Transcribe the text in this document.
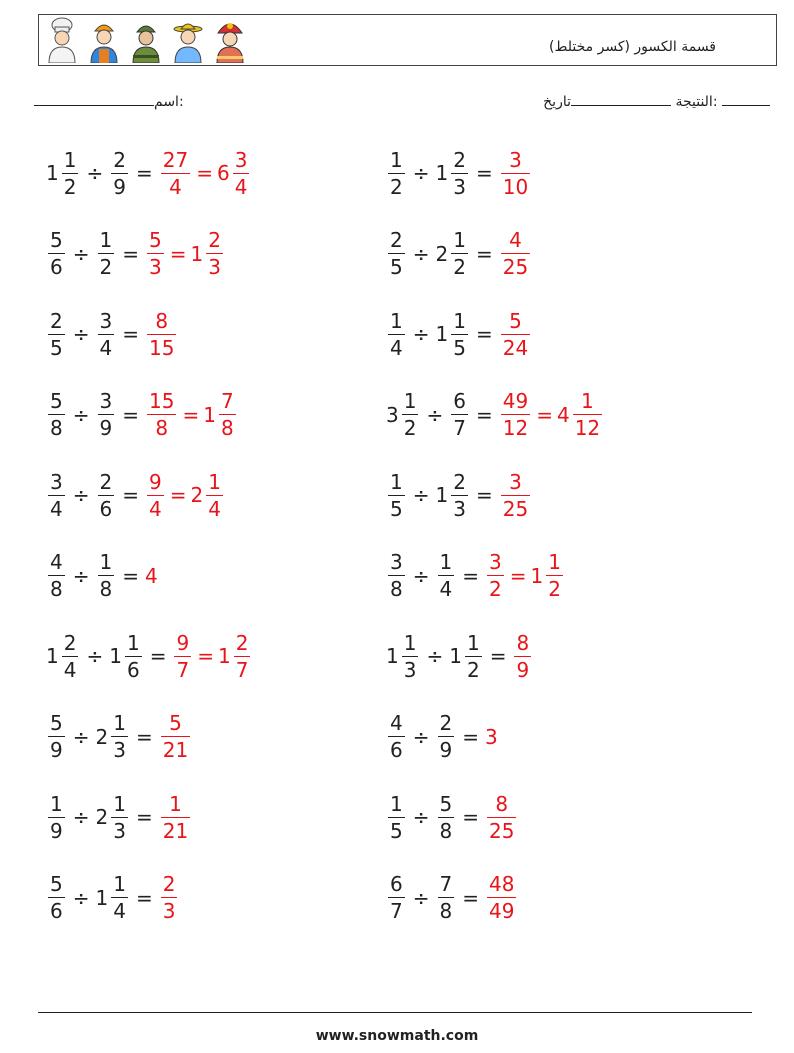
(قسمة الكسور (كسر مختلط
اسم:	النتيجة تاريخ:
$1 \frac{1}{2} \div \frac{2}{9} = \frac{27}{4} = 6 \frac{3}{4}$	$\frac{1}{2} \div 1 \frac{2}{3} = \frac{3}{10}$
$\frac{5}{6} \div \frac{1}{2} = \frac{5}{3} = 1 \frac{2}{3}$	$\frac{2}{5} \div 2 \frac{1}{2} = \frac{4}{25}$
$\frac{2}{5} \div \frac{3}{4} = \frac{8}{15}$	$\frac{1}{4} \div 1 \frac{1}{5} = \frac{5}{24}$
$\frac{5}{8} \div \frac{3}{9} = \frac{15}{8} = 1 \frac{7}{8}$	$3 \frac{1}{2} \div \frac{6}{7} = \frac{49}{12} = 4 \frac{1}{12}$
$\frac{3}{4} \div \frac{2}{6} = \frac{9}{4} = 2 \frac{1}{4}$	$\frac{1}{5} \div 1 \frac{2}{3} = \frac{3}{25}$
$\frac{4}{8} \div \frac{1}{8} = 4$	$\frac{3}{8} \div \frac{1}{4} = \frac{3}{2} = 1 \frac{1}{2}$
$1 \frac{2}{4} \div 1 \frac{1}{6} = \frac{9}{7} = 1 \frac{2}{7}$	$1 \frac{1}{3} \div 1 \frac{1}{2} = \frac{8}{9}$
$\frac{5}{9} \div 2 \frac{1}{3} = \frac{5}{21}$	$\frac{4}{6} \div \frac{2}{9} = 3$
$\frac{1}{9} \div 2 \frac{1}{3} = \frac{1}{21}$	$\frac{1}{5} \div \frac{5}{8} = \frac{8}{25}$
$\frac{5}{6} \div 1 \frac{1}{4} = \frac{2}{3}$	$\frac{6}{7} \div \frac{7}{8} = \frac{48}{49}$
www.snowmath.com
